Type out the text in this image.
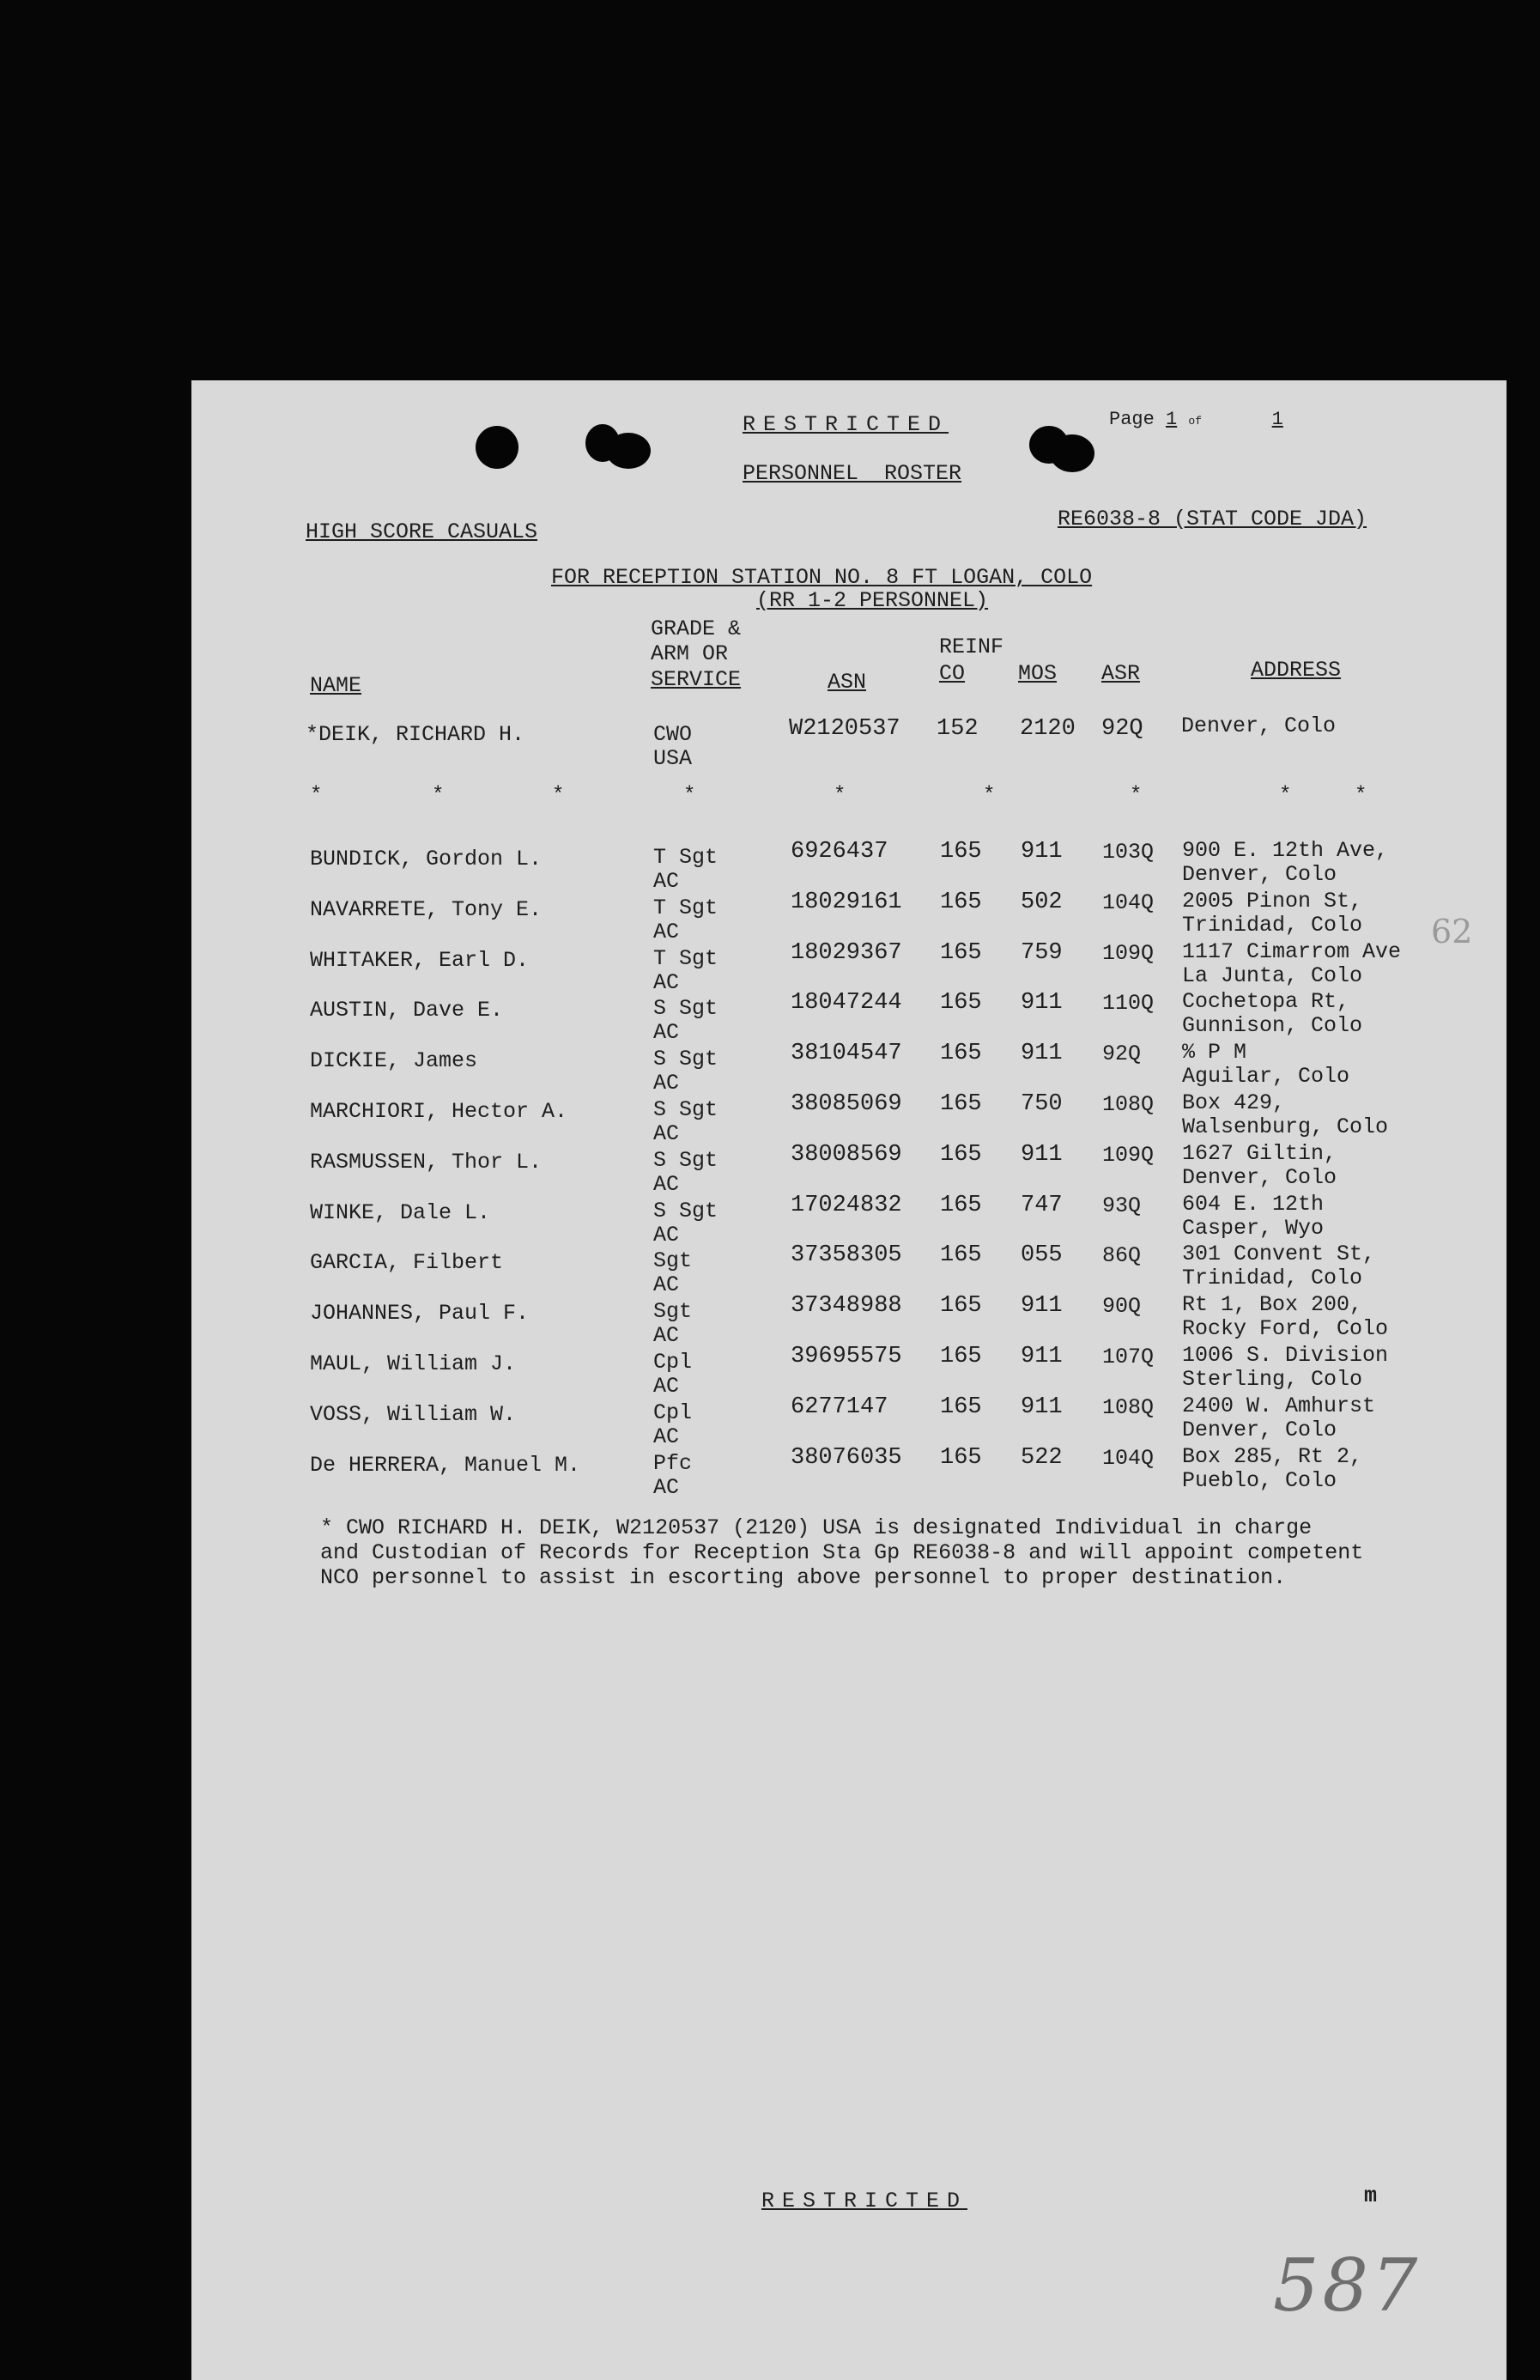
RESTRICTED	Page 1 of	1
PERSONNEL  ROSTER
HIGH SCORE CASUALS
RE6038-8 (STAT CODE JDA)
FOR RECEPTION STATION NO. 8 FT LOGAN, COLO
(RR 1-2 PERSONNEL)
NAME
GRADE &
ARM OR
SERVICE	ASN
REINF
CO MOS ASR	ADDRESS
*DEIK, RICHARD H.	CWO
USA
W2120537 152 2120 92Q Denver, Colo
*	*	*	*	*	*	*	*	*
BUNDICK, Gordon L.	T Sgt
AC
6926437 165 911 103Q 900 E. 12th Ave,
Denver, Colo
NAVARRETE, Tony E.	T Sgt
AC
18029161 165 502 104Q 2005 Pinon St,
Trinidad, Colo
WHITAKER, Earl D.	T Sgt
AC
18029367 165 759 109Q 1117 Cimarrom Ave
La Junta, Colo
AUSTIN, Dave E.	S Sgt
AC
18047244 165 911 110Q Cochetopa Rt,
Gunnison, Colo
DICKIE, James	S Sgt
AC
38104547 165 911 92Q % P M
Aguilar, Colo
MARCHIORI, Hector A.	S Sgt
AC
38085069 165 750 108Q Box 429,
Walsenburg, Colo
RASMUSSEN, Thor L.	S Sgt
AC
38008569 165 911 109Q 1627 Giltin,
Denver, Colo
WINKE, Dale L.	S Sgt
AC
17024832 165 747 93Q 604 E. 12th
Casper, Wyo
GARCIA, Filbert	Sgt
AC
37358305 165 055 86Q 301 Convent St,
Trinidad, Colo
JOHANNES, Paul F.	Sgt
AC
37348988 165 911 90Q Rt 1, Box 200,
Rocky Ford, Colo
MAUL, William J.	Cpl
AC
39695575 165 911 107Q 1006 S. Division
Sterling, Colo
VOSS, William W.	Cpl
AC
6277147 165 911 108Q 2400 W. Amhurst
Denver, Colo
De HERRERA, Manuel M.	Pfc
AC
38076035 165 522 104Q Box 285, Rt 2,
Pueblo, Colo
* CWO RICHARD H. DEIK, W2120537 (2120) USA is designated Individual in charge
and Custodian of Records for Reception Sta Gp RE6038-8 and will appoint competent
NCO personnel to assist in escorting above personnel to proper destination.
RESTRICTED	m
62
587
